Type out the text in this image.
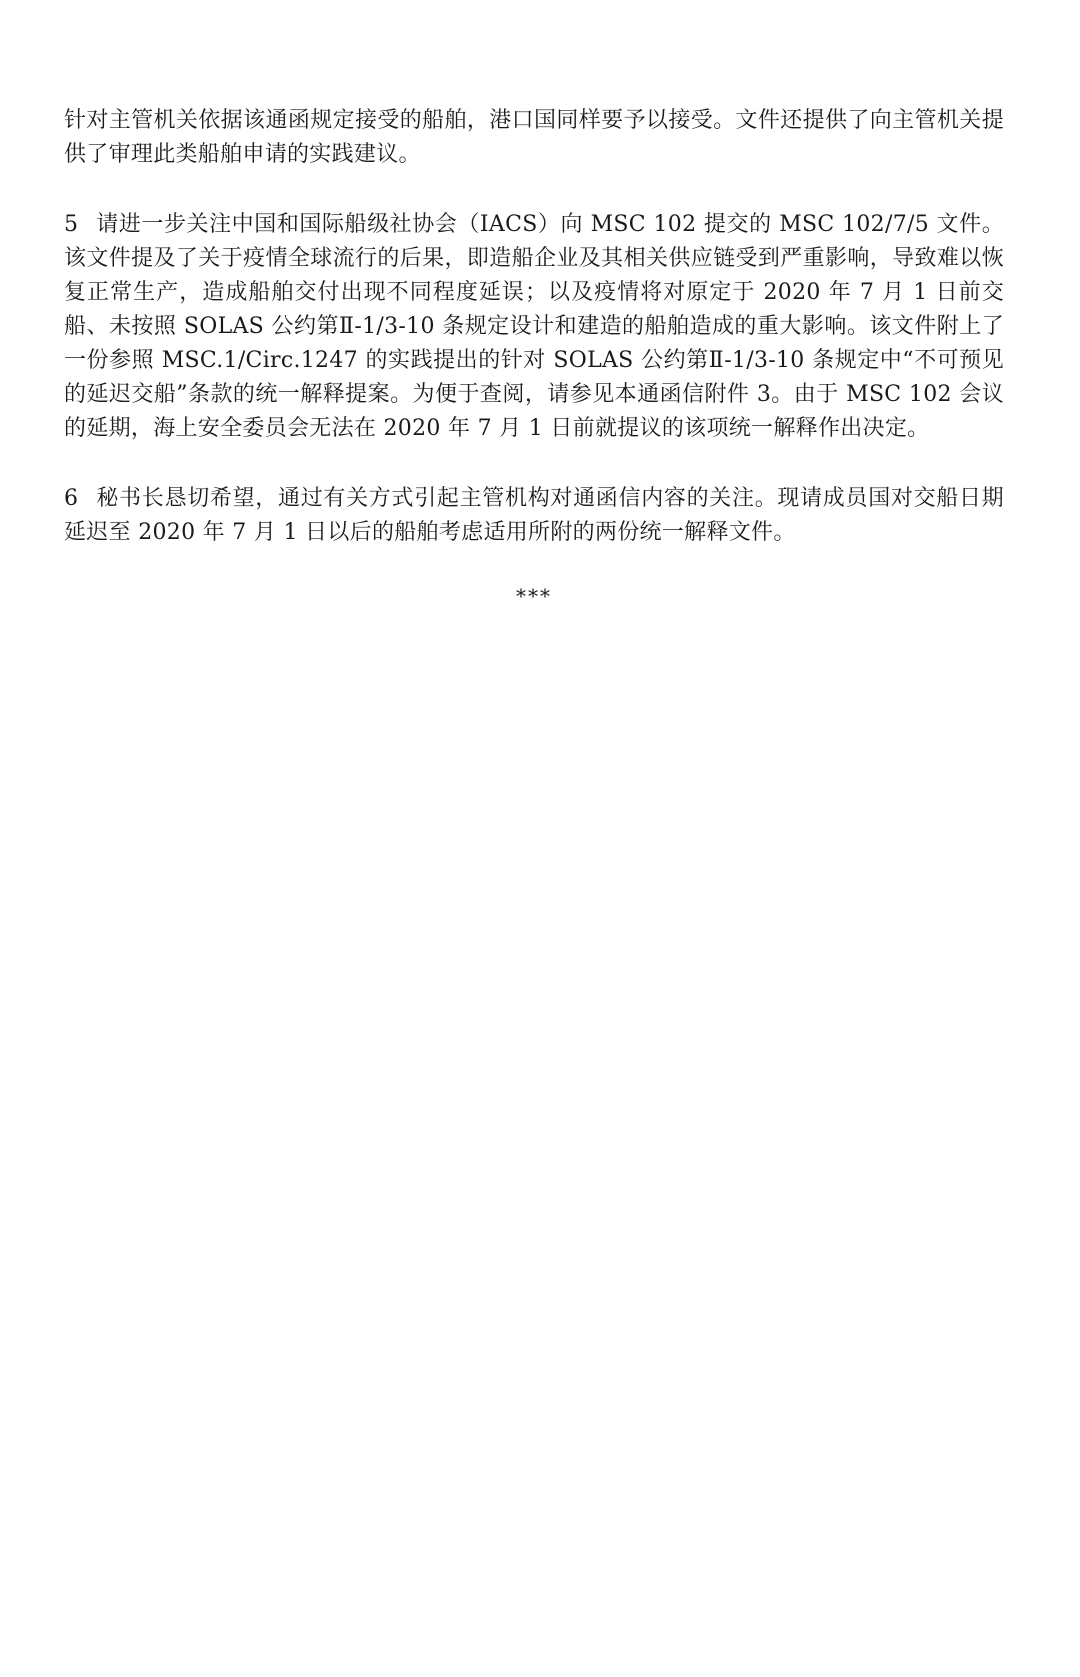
针对主管机关依据该通函规定接受的船舶，港口国同样要予以接受。文件还提供了向主管机关提供了审理此类船舶申请的实践建议。

5 请进一步关注中国和国际船级社协会（IACS）向 MSC 102 提交的 MSC 102/7/5 文件。该文件提及了关于疫情全球流行的后果，即造船企业及其相关供应链受到严重影响，导致难以恢复正常生产，造成船舶交付出现不同程度延误；以及疫情将对原定于 2020 年 7 月 1 日前交船、未按照 SOLAS 公约第Ⅱ-1/3-10 条规定设计和建造的船舶造成的重大影响。该文件附上了一份参照 MSC.1/Circ.1247 的实践提出的针对 SOLAS 公约第Ⅱ-1/3-10 条规定中“不可预见的延迟交船”条款的统一解释提案。为便于查阅，请参见本通函信附件 3。由于 MSC 102 会议的延期，海上安全委员会无法在 2020 年 7 月 1 日前就提议的该项统一解释作出决定。

6 秘书长恳切希望，通过有关方式引起主管机构对通函信内容的关注。现请成员国对交船日期延迟至 2020 年 7 月 1 日以后的船舶考虑适用所附的两份统一解释文件。

***
